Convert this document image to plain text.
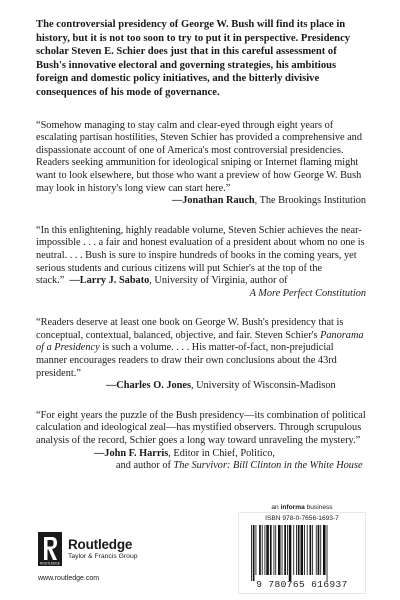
The controversial presidency of George W. Bush will find its place in history, but it is not too soon to try to put it in perspective. Presidency scholar Steven E. Schier does just that in this careful assessment of Bush's innovative electoral and governing strategies, his ambitious foreign and domestic policy initiatives, and the bitterly divisive consequences of his mode of governance.

“Somehow managing to stay calm and clear-eyed through eight years of escalating partisan hostilities, Steven Schier has provided a comprehensive and dispassionate account of one of America's most controversial presidencies. Readers seeking ammunition for ideological sniping or Internet flaming might want to look elsewhere, but those who want a preview of how George W. Bush may look in history's long view can start here.”

—Jonathan Rauch, The Brookings Institution

“In this enlightening, highly readable volume, Steven Schier achieves the near-impossible . . . a fair and honest evaluation of a president about whom no one is neutral. . . . Bush is sure to inspire hundreds of books in the coming years, yet serious students and curious citizens will put Schier's at the top of the stack.” —Larry J. Sabato, University of Virginia, author of

A More Perfect Constitution

“Readers deserve at least one book on George W. Bush's presidency that is conceptual, contextual, balanced, objective, and fair. Steven Schier's Panorama of a Presidency is such a volume. . . . His matter-of-fact, non-prejudicial manner encourages readers to draw their own conclusions about the 43rd president.”

—Charles O. Jones, University of Wisconsin-Madison

“For eight years the puzzle of the Bush presidency—its combination of political calculation and ideological zeal—has mystified observers. Through scrupulous analysis of the record, Schier goes a long way toward unraveling the mystery.”

—John F. Harris, Editor in Chief, Politico,

and author of The Survivor: Bill Clinton in the White House

ROUTLEDGE
Routledge
Taylor & Francis Group
www.routledge.com
an informa business
ISBN 978-0-7656-1693-7
9 780765 616937
